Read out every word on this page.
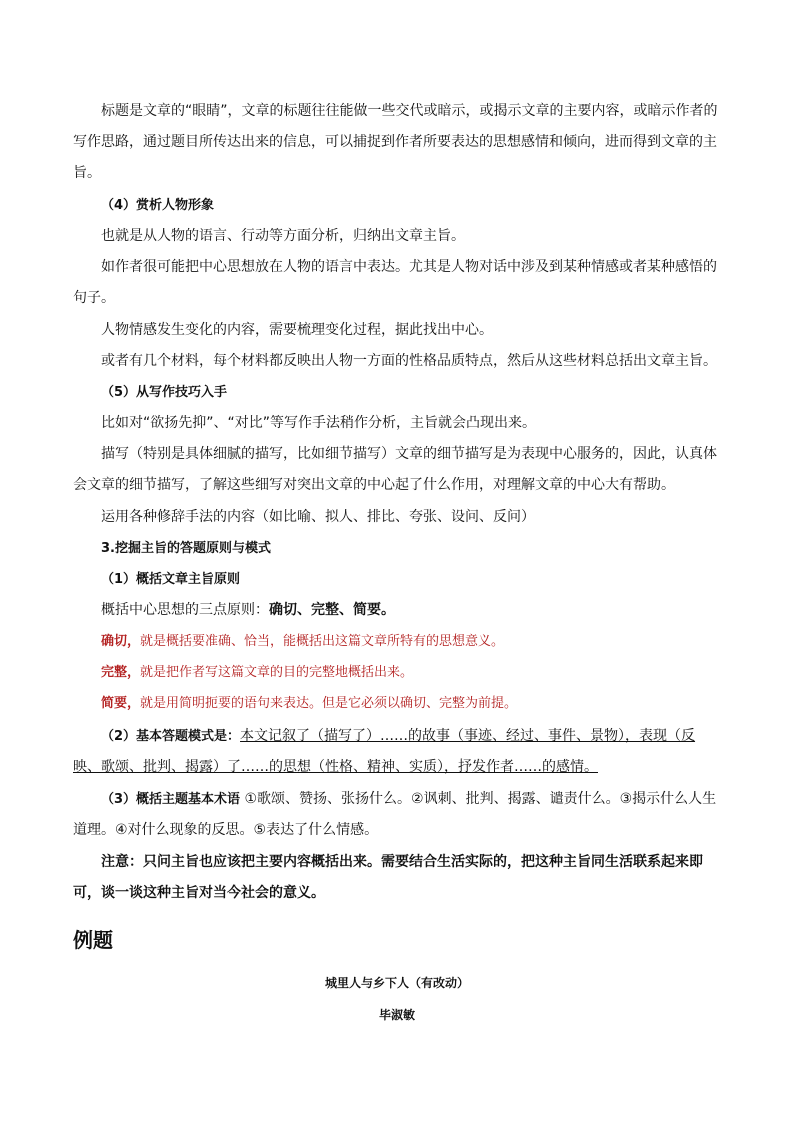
标题是文章的“眼睛”，文章的标题往往能做一些交代或暗示，或揭示文章的主要内容，或暗示作者的写作思路，通过题目所传达出来的信息，可以捕捉到作者所要表达的思想感情和倾向，进而得到文章的主旨。

（4）赏析人物形象

也就是从人物的语言、行动等方面分析，归纳出文章主旨。

如作者很可能把中心思想放在人物的语言中表达。尤其是人物对话中涉及到某种情感或者某种感悟的句子。

人物情感发生变化的内容，需要梳理变化过程，据此找出中心。

或者有几个材料，每个材料都反映出人物一方面的性格品质特点，然后从这些材料总括出文章主旨。

（5）从写作技巧入手

比如对“欲扬先抑”、“对比”等写作手法稍作分析，主旨就会凸现出来。

描写（特别是具体细腻的描写，比如细节描写）文章的细节描写是为表现中心服务的，因此，认真体会文章的细节描写，了解这些细写对突出文章的中心起了什么作用，对理解文章的中心大有帮助。

运用各种修辞手法的内容（如比喻、拟人、排比、夸张、设问、反问）

3.挖掘主旨的答题原则与模式

（1）概括文章主旨原则

概括中心思想的三点原则：确切、完整、简要。

确切，就是概括要准确、恰当，能概括出这篇文章所特有的思想意义。

完整，就是把作者写这篇文章的目的完整地概括出来。

简要，就是用简明扼要的语句来表达。但是它必须以确切、完整为前提。

（2）基本答题模式是：本文记叙了（描写了）……的故事（事迹、经过、事件、景物），表现（反映、歌颂、批判、揭露）了……的思想（性格、精神、实质），抒发作者……的感情。

（3）概括主题基本术语 ①歌颂、赞扬、张扬什么。②讽刺、批判、揭露、谴责什么。③揭示什么人生道理。④对什么现象的反思。⑤表达了什么情感。

注意：只问主旨也应该把主要内容概括出来。需要结合生活实际的，把这种主旨同生活联系起来即可，谈一谈这种主旨对当今社会的意义。

例题

城里人与乡下人（有改动）

毕淑敏
